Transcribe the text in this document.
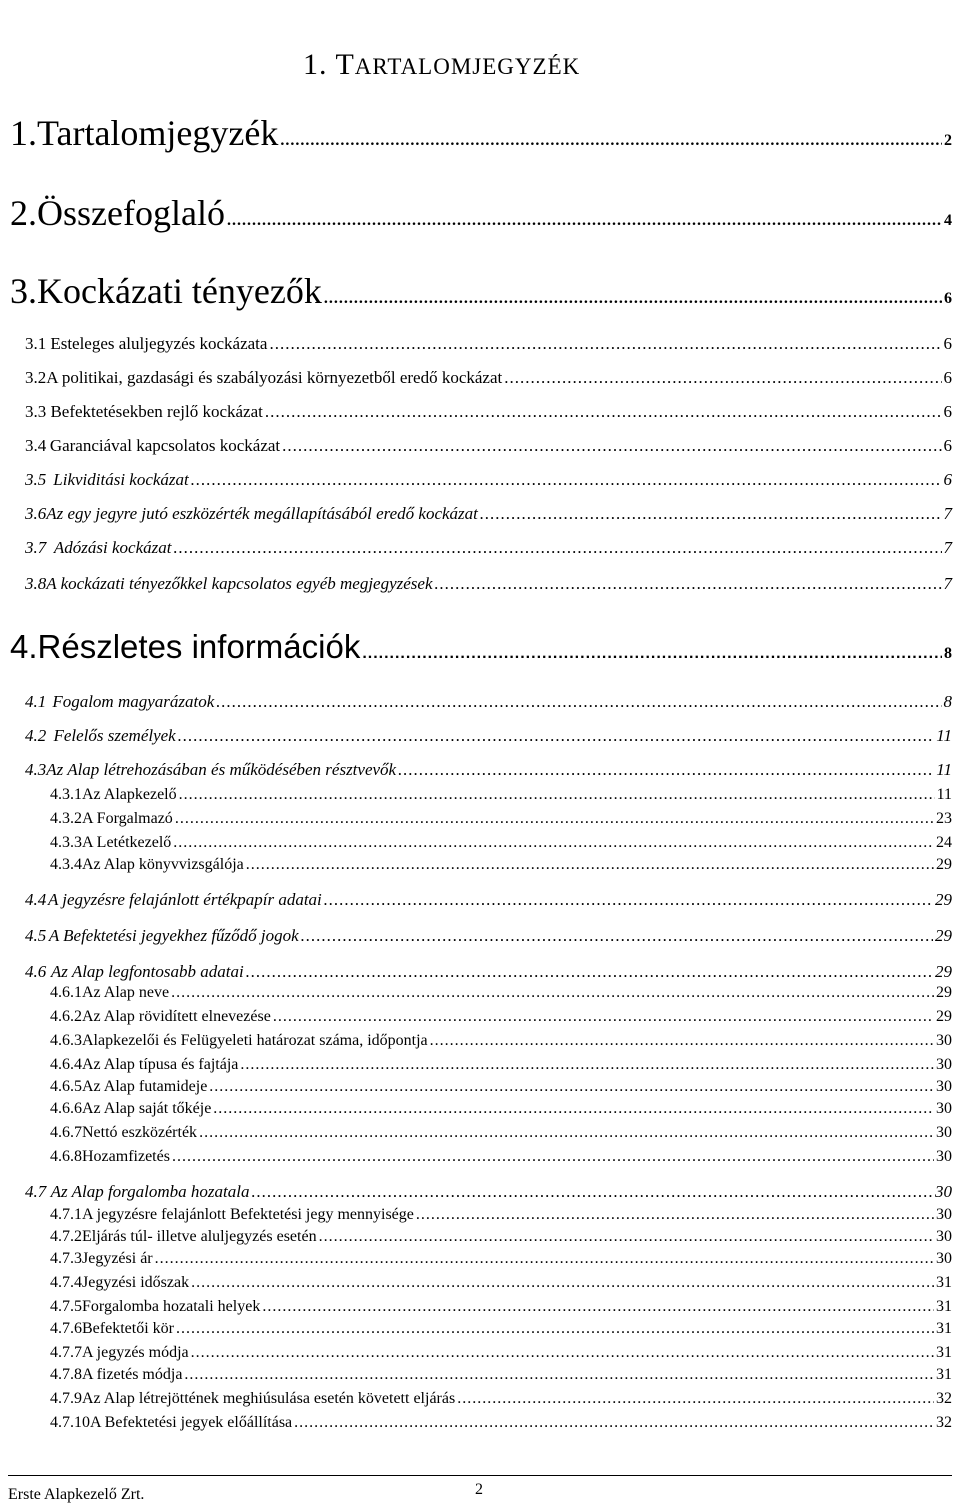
1. TARTALOMJEGYZÉK
1. Tartalomjegyzék .....	2
2. Összefoglaló .....	4
3. Kockázati tényezők .....	6
3.1 Esteleges aluljegyzés kockázata .....	6
3.2 A politikai, gazdasági és szabályozási környezetből eredő kockázat .....	6
3.3 Befektetésekben rejlő kockázat .....	6
3.4 Garanciával kapcsolatos kockázat .....	6
3.5 Likviditási kockázat .....	6
3.6 Az egy jegyre jutó eszközérték megállapításából eredő kockázat .....	7
3.7 Adózási kockázat .....	7
3.8 A kockázati tényezőkkel kapcsolatos egyéb megjegyzések .....	7
4. Részletes információk .....	8
4.1 Fogalom magyarázatok .....	8
4.2 Felelős személyek .....	11
4.3 Az Alap létrehozásában és működésében résztvevők .....	11
4.3.1 Az Alapkezelő .....	11
4.3.2 A Forgalmazó .....	23
4.3.3 A Letétkezelő .....	24
4.3.4 Az Alap könyvvizsgálója .....	29
4.4 A jegyzésre felajánlott értékpapír adatai .....	29
4.5 A Befektetési jegyekhez fűződő jogok .....	29
4.6 Az Alap legfontosabb adatai .....	29
4.6.1 Az Alap neve .....	29
4.6.2 Az Alap rövidített elnevezése .....	29
4.6.3 Alapkezelői és Felügyeleti határozat száma, időpontja .....	30
4.6.4 Az Alap típusa és fajtája .....	30
4.6.5 Az Alap futamideje .....	30
4.6.6 Az Alap saját tőkéje .....	30
4.6.7 Nettó eszközérték .....	30
4.6.8 Hozamfizetés .....	30
4.7 Az Alap forgalomba hozatala .....	30
4.7.1 A jegyzésre felajánlott Befektetési jegy mennyisége .....	30
4.7.2 Eljárás túl- illetve aluljegyzés esetén .....	30
4.7.3 Jegyzési ár .....	30
4.7.4 Jegyzési időszak .....	31
4.7.5 Forgalomba hozatali helyek .....	31
4.7.6 Befektetői kör .....	31
4.7.7 A jegyzés módja .....	31
4.7.8 A fizetés módja .....	31
4.7.9 Az Alap létrejöttének meghiúsulása esetén követett eljárás .....	32
4.7.10 A Befektetési jegyek előállítása .....	32
Erste Alapkezelő Zrt.	2
